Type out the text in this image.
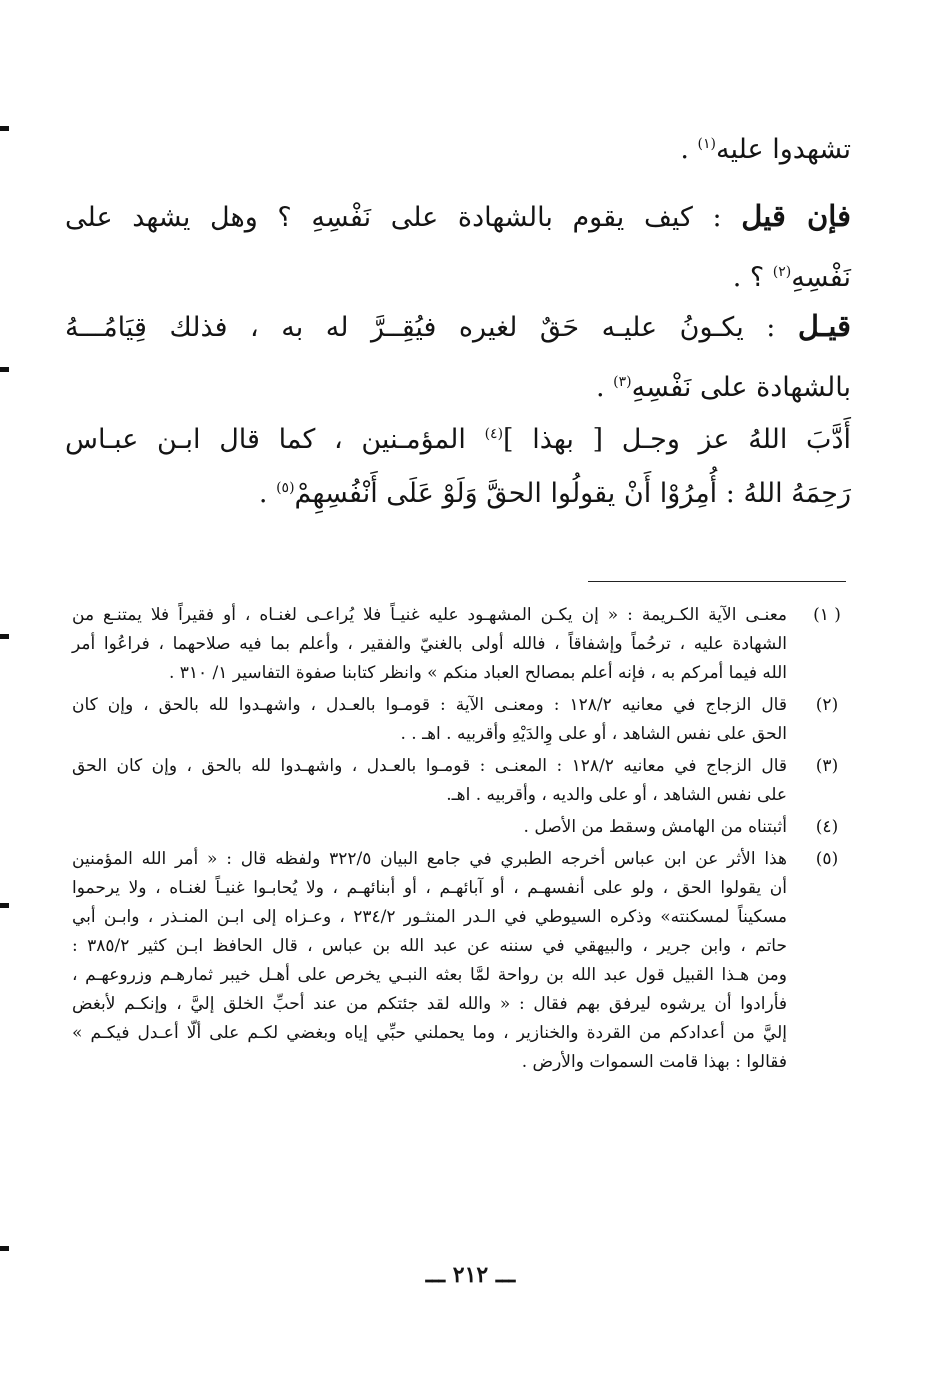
تشهدوا عليه$^{(١)}$ .

فإن قيل : كيف يقوم بالشهادة على نَفْسِهِ ؟ وهل يشهد على

نَفْسِهِ$^{(٢)}$ ؟ .

قيـل : يكـونُ عليـه حَقٌ لغيره فيُقِــرَّ له به ، فذلك قِيَامُـــهُ

بالشهادة على نَفْسِهِ$^{(٣)}$ .

أَدَّبَ اللهُ عز وجـل [ بهذا ]$^{(٤)}$ المؤمـنين ، كما قال ابـن عبـاس

رَحِمَهُ اللهُ : أُمِرُوْا أَنْ يقولُوا الحقَّ وَلَوْ عَلَى أَنْفُسِهِمْ$^{(٥)}$ .

( ١)
معنـى الآية الكـريمة : « إن يكـن المشهـود عليه غنيـاً فلا يُراعـى لغنـاه ، أو فقيراً فلا يمتنـع من
الشهادة عليه ، ترحُماً وإشفاقاً ، فالله أولى بالغنيّ والفقير ، وأعلم بما فيه صلاحهما ، فراعُوا أمر
الله فيما أمركم به ، فإنه أعلم بمصالح العباد منكم » وانظر كتابنا صفوة التفاسير ١/ ٣١٠ .
(٢)
قال الزجاج في معانيه ١٢٨/٢ : ومعنـى الآية : قومـوا بالعـدل ، واشهـدوا لله بالحق ، وإن كان
الحق على نفس الشاهد ، أو على وِالدَيْهِ وأقربيه . اهـ . .
(٣)
قال الزجاج في معانيه ١٢٨/٢ : المعنـى : قومـوا بالعـدل ، واشهـدوا لله بالحق ، وإن كان الحق
على نفس الشاهد ، أو على والديه ، وأقربيه . اهـ.
(٤)
أثبتناه من الهامش وسقط من الأصل .
(٥)
هذا الأثر عن ابن عباس أخرجه الطبري في جامع البيان ٣٢٢/٥ ولفظه قال : « أمر الله المؤمنين
أن يقولوا الحق ، ولو على أنفسهـم ، أو آبائهـم ، أو أبنائهـم ، ولا يُحابـوا غنيـاً لغنـاه ، ولا يرحموا
مسكيناً لمسكنته» وذكره السيوطي في الـدر المنثـور ٢٣٤/٢ ، وعـزاه إلى ابـن المنـذر ، وابـن أبي
حاتم ، وابن جرير ، والبيهقي في سننه عن عبد الله بن عباس ، قال الحافظ ابـن كثير ٣٨٥/٢ :
ومن هـذا القبيل قول عبد الله بن رواحة لمَّا بعثه النبـي يخرص على أهـل خيبر ثمارهـم وزروعهـم ،
فأرادوا أن يرشوه ليرفق بهم فقال : « والله لقد جئتكم من عند أحبِّ الخلق إليَّ ، وإنكـم لأبغض
إليَّ من أعدادكم من القردة والخنازير ، وما يحملني حبِّي إياه وبغضي لكـم على ألّا أعـدل فيكـم »
فقالوا : بهذا قامت السموات والأرض .
ـــ ٢١٢ ـــ
